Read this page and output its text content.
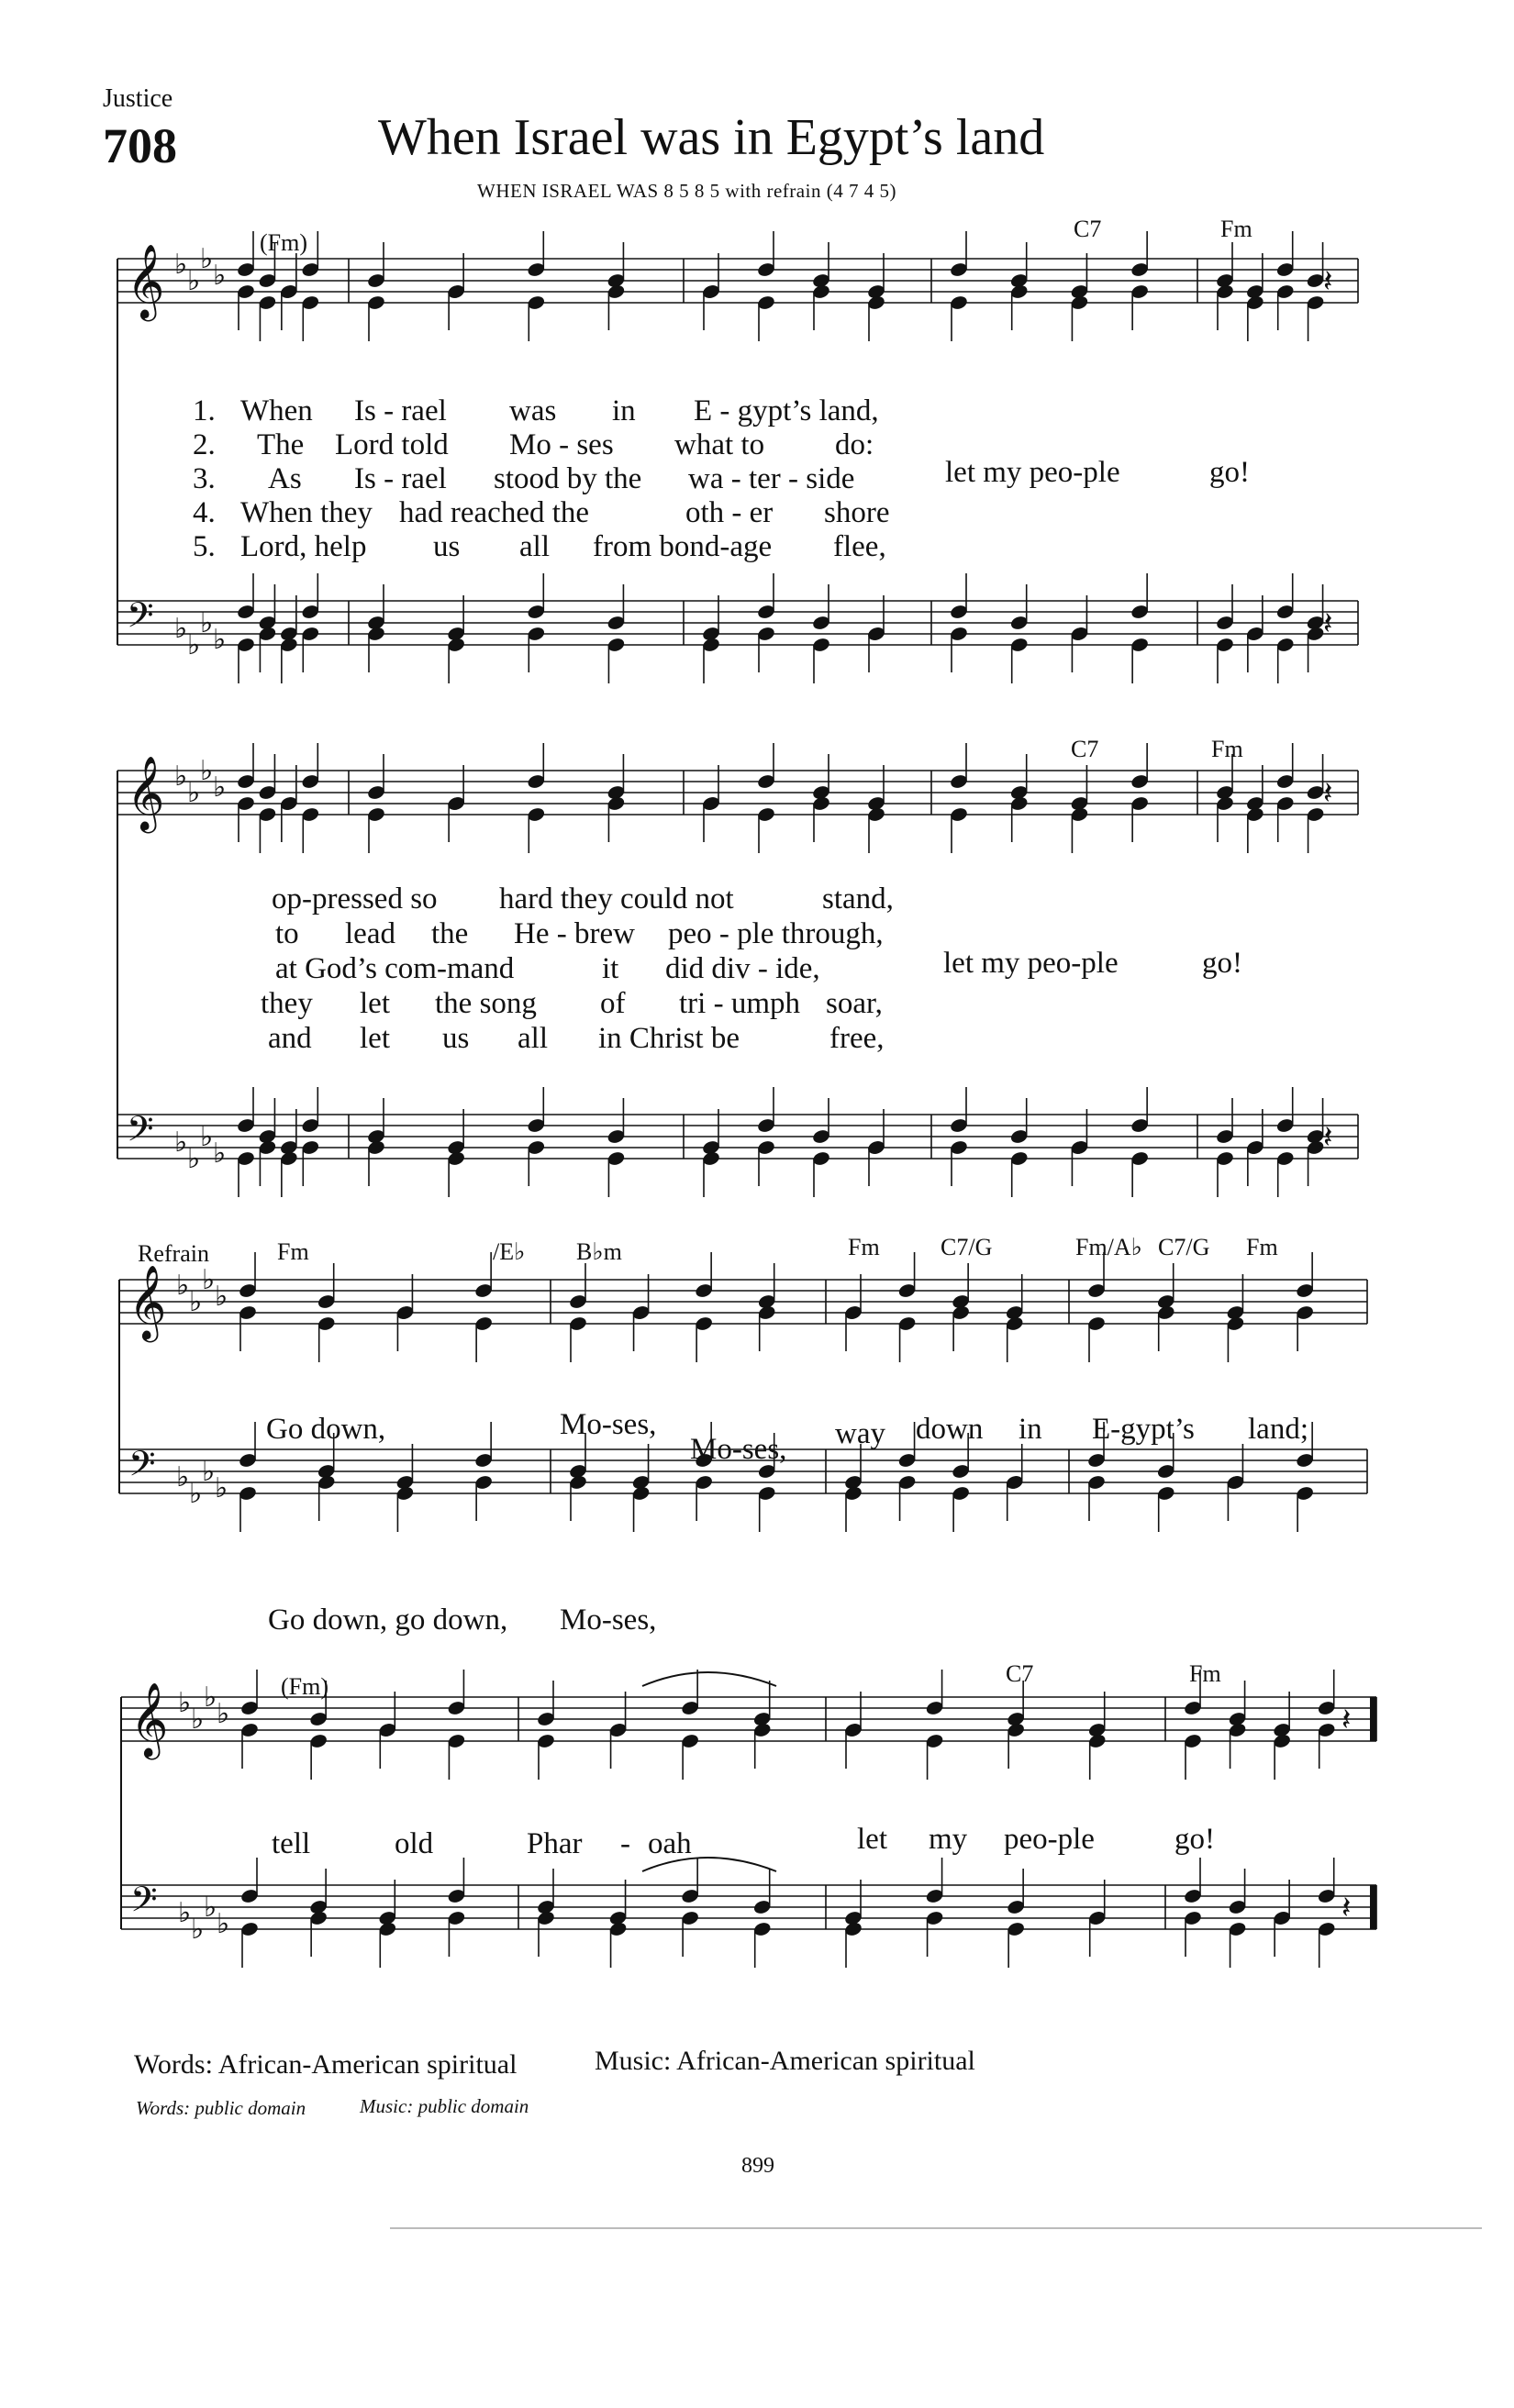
Justice
708	When Israel was in Egypt’s land
WHEN ISRAEL WAS 8 5 8 5 with refrain (4 7 4 5)
𝄞 ♭
♭
♭
♭
𝄢 ♭
♭
♭
♭
𝄽
𝄽
𝄞 ♭
♭
♭
♭
𝄢 ♭
♭
♭
♭
𝄽
𝄽
𝄞 ♭
♭
♭
♭
𝄢 ♭
♭
♭
♭
𝄞 ♭
♭
♭
♭
𝄢 ♭
♭
♭
♭
𝄽
𝄽
(Fm)
C7	Fm
1. When Is - rael was in E - gypt’s land,
2. The Lord told Mo - ses what to do:
3. As Is - rael stood by the wa - ter - side
4. When they had reached the	oth - er shore
5. Lord, help us all from bond-age flee,
let my peo-ple	go!
C7	Fm
op-pressed so hard they could not	stand,
to lead the He - brew peo - ple through,
at God’s com-mand	it did div - ide,
they let the song of tri - umph soar,
and let us all in Christ be	free,
let my peo-ple	go!
Refrain	Fm	/E♭ B♭m	Fm	C7/G	Fm/A♭ C7/G Fm
Go down,	Mo-ses,
Mo-ses, way down in E-gypt’s land;
Go down, go down, Mo-ses,
(Fm)	C7	Fm
tell	old	Phar - oah	let my peo-ple	go!
Words: African-American spiritual	Music: African-American spiritual
Words: public domain	Music: public domain
899
